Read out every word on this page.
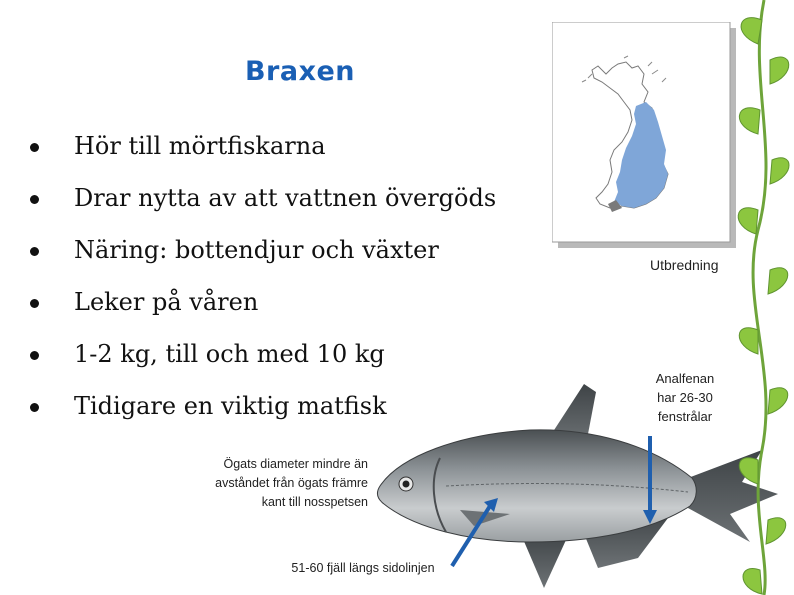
Braxen
Hör till mörtfiskarna
Drar nytta av att vattnen övergöds
Näring: bottendjur och växter
Leker på våren
1-2 kg, till och med 10 kg
Tidigare en viktig matfisk
Utbredning
Analfenan
har 26-30
fenstrålar
Ögats diameter mindre än
avståndet från ögats främre
kant till nosspetsen
51-60 fjäll längs sidolinjen
